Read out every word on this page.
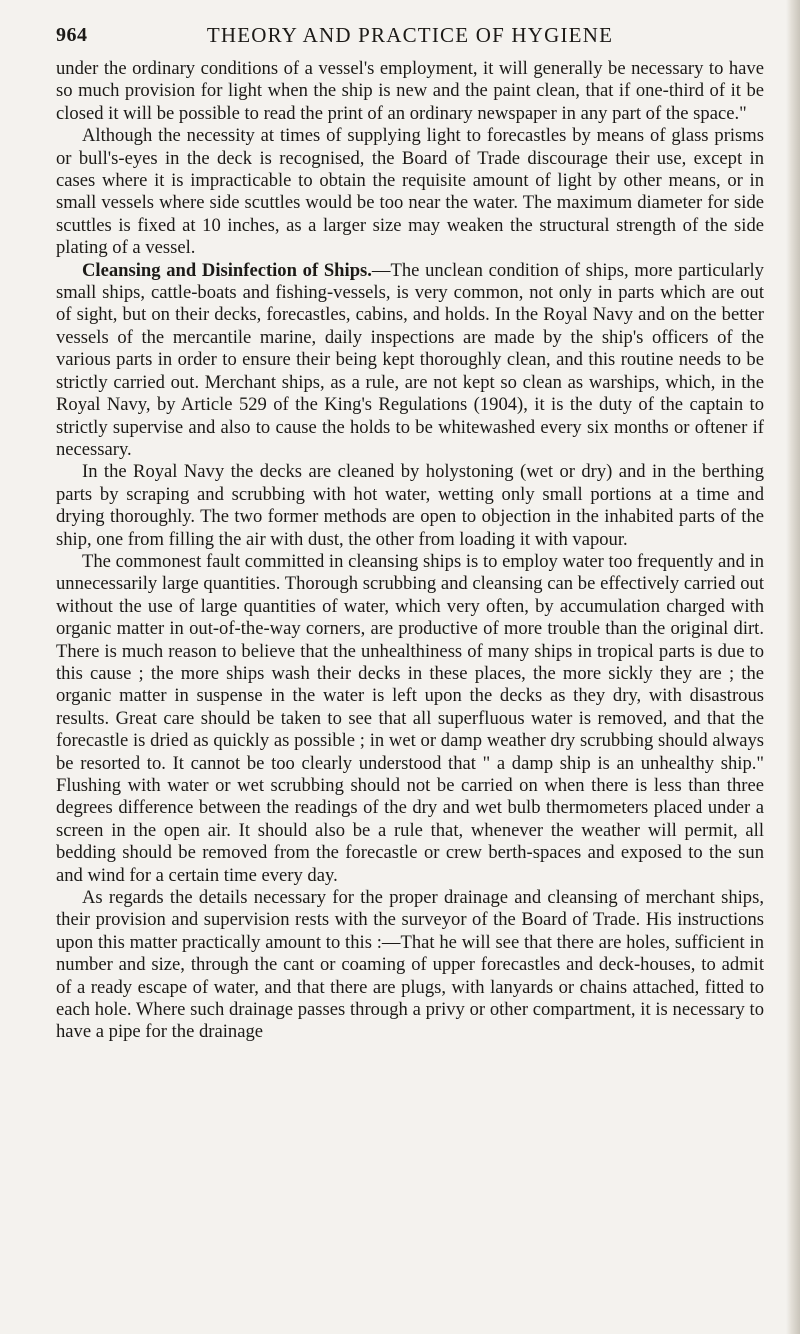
964	THEORY AND PRACTICE OF HYGIENE

under the ordinary conditions of a vessel's employment, it will generally be necessary to have so much provision for light when the ship is new and the paint clean, that if one-third of it be closed it will be possible to read the print of an ordinary newspaper in any part of the space."

Although the necessity at times of supplying light to forecastles by means of glass prisms or bull's-eyes in the deck is recognised, the Board of Trade discourage their use, except in cases where it is impracticable to obtain the requisite amount of light by other means, or in small vessels where side scuttles would be too near the water. The maximum diameter for side scuttles is fixed at 10 inches, as a larger size may weaken the structural strength of the side plating of a vessel.

Cleansing and Disinfection of Ships.—The unclean condition of ships, more particularly small ships, cattle-boats and fishing-vessels, is very common, not only in parts which are out of sight, but on their decks, forecastles, cabins, and holds. In the Royal Navy and on the better vessels of the mercantile marine, daily inspections are made by the ship's officers of the various parts in order to ensure their being kept thoroughly clean, and this routine needs to be strictly carried out. Merchant ships, as a rule, are not kept so clean as warships, which, in the Royal Navy, by Article 529 of the King's Regulations (1904), it is the duty of the captain to strictly supervise and also to cause the holds to be whitewashed every six months or oftener if necessary.

In the Royal Navy the decks are cleaned by holystoning (wet or dry) and in the berthing parts by scraping and scrubbing with hot water, wetting only small portions at a time and drying thoroughly. The two former methods are open to objection in the inhabited parts of the ship, one from filling the air with dust, the other from loading it with vapour.

The commonest fault committed in cleansing ships is to employ water too frequently and in unnecessarily large quantities. Thorough scrubbing and cleansing can be effectively carried out without the use of large quantities of water, which very often, by accumulation charged with organic matter in out-of-the-way corners, are productive of more trouble than the original dirt. There is much reason to believe that the unhealthiness of many ships in tropical parts is due to this cause ; the more ships wash their decks in these places, the more sickly they are ; the organic matter in suspense in the water is left upon the decks as they dry, with disastrous results. Great care should be taken to see that all superfluous water is removed, and that the forecastle is dried as quickly as possible ; in wet or damp weather dry scrubbing should always be resorted to. It cannot be too clearly understood that " a damp ship is an unhealthy ship." Flushing with water or wet scrubbing should not be carried on when there is less than three degrees difference between the readings of the dry and wet bulb thermometers placed under a screen in the open air. It should also be a rule that, whenever the weather will permit, all bedding should be removed from the forecastle or crew berth-spaces and exposed to the sun and wind for a certain time every day.

As regards the details necessary for the proper drainage and cleansing of merchant ships, their provision and supervision rests with the surveyor of the Board of Trade. His instructions upon this matter practically amount to this :—That he will see that there are holes, sufficient in number and size, through the cant or coaming of upper forecastles and deck-houses, to admit of a ready escape of water, and that there are plugs, with lanyards or chains attached, fitted to each hole. Where such drainage passes through a privy or other compartment, it is necessary to have a pipe for the drainage
